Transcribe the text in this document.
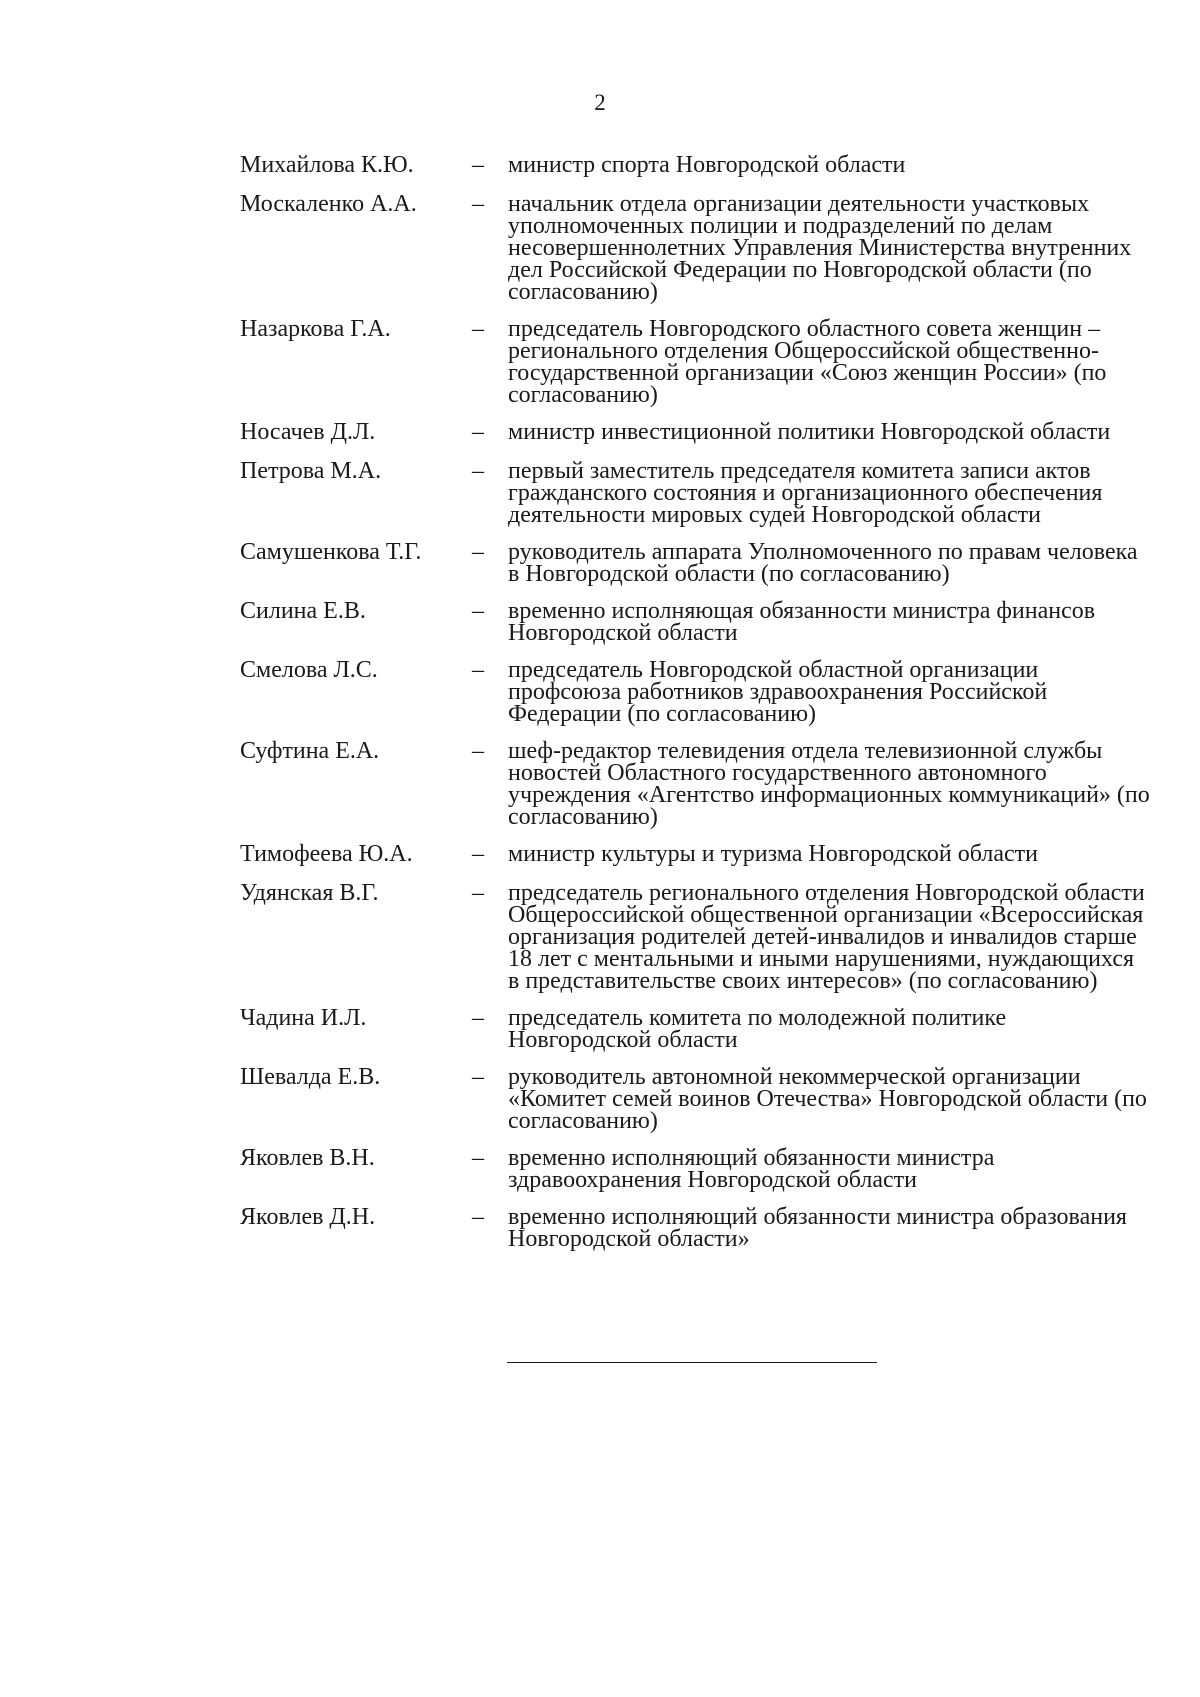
2
Михайлова К.Ю.	–	министр спорта Новгородской области
Москаленко А.А.	–	начальник отдела организации деятельности участковых уполномоченных полиции и подразделений по делам несовершеннолетних Управления Министерства внутренних дел Российской Федерации по Новгородской области (по согласованию)
Назаркова Г.А.	–	председатель Новгородского областного совета женщин – регионального отделения Общероссийской общественно-государственной организации «Союз женщин России» (по согласованию)
Носачев Д.Л.	–	министр инвестиционной политики Новгородской области
Петрова М.А.	–	первый заместитель председателя комитета записи актов гражданского состояния и организационного обеспечения деятельности мировых судей Новгородской области
Самушенкова Т.Г.	–	руководитель аппарата Уполномоченного по правам человека в Новгородской области (по согласованию)
Силина Е.В.	–	временно исполняющая обязанности министра финансов Новгородской области
Смелова Л.С.	–	председатель Новгородской областной организации профсоюза работников здравоохранения Российской Федерации (по согласованию)
Суфтина Е.А.	–	шеф-редактор телевидения отдела телевизионной службы новостей Областного государственного автономного учреждения «Агентство информационных коммуникаций» (по согласованию)
Тимофеева Ю.А.	–	министр культуры и туризма Новгородской области
Удянская В.Г.	–	председатель регионального отделения Новгородской области Общероссийской общественной организации «Всероссийская организация родителей детей-инвалидов и инвалидов старше 18 лет с ментальными и иными нарушениями, нуждающихся в представительстве своих интересов» (по согласованию)
Чадина И.Л.	–	председатель комитета по молодежной политике Новгородской области
Шевалда Е.В.	–	руководитель автономной некоммерческой организации «Комитет семей воинов Отечества» Новгородской области (по согласованию)
Яковлев В.Н.	–	временно исполняющий обязанности министра здравоохранения Новгородской области
Яковлев Д.Н.	–	временно исполняющий обязанности министра образования Новгородской области»
